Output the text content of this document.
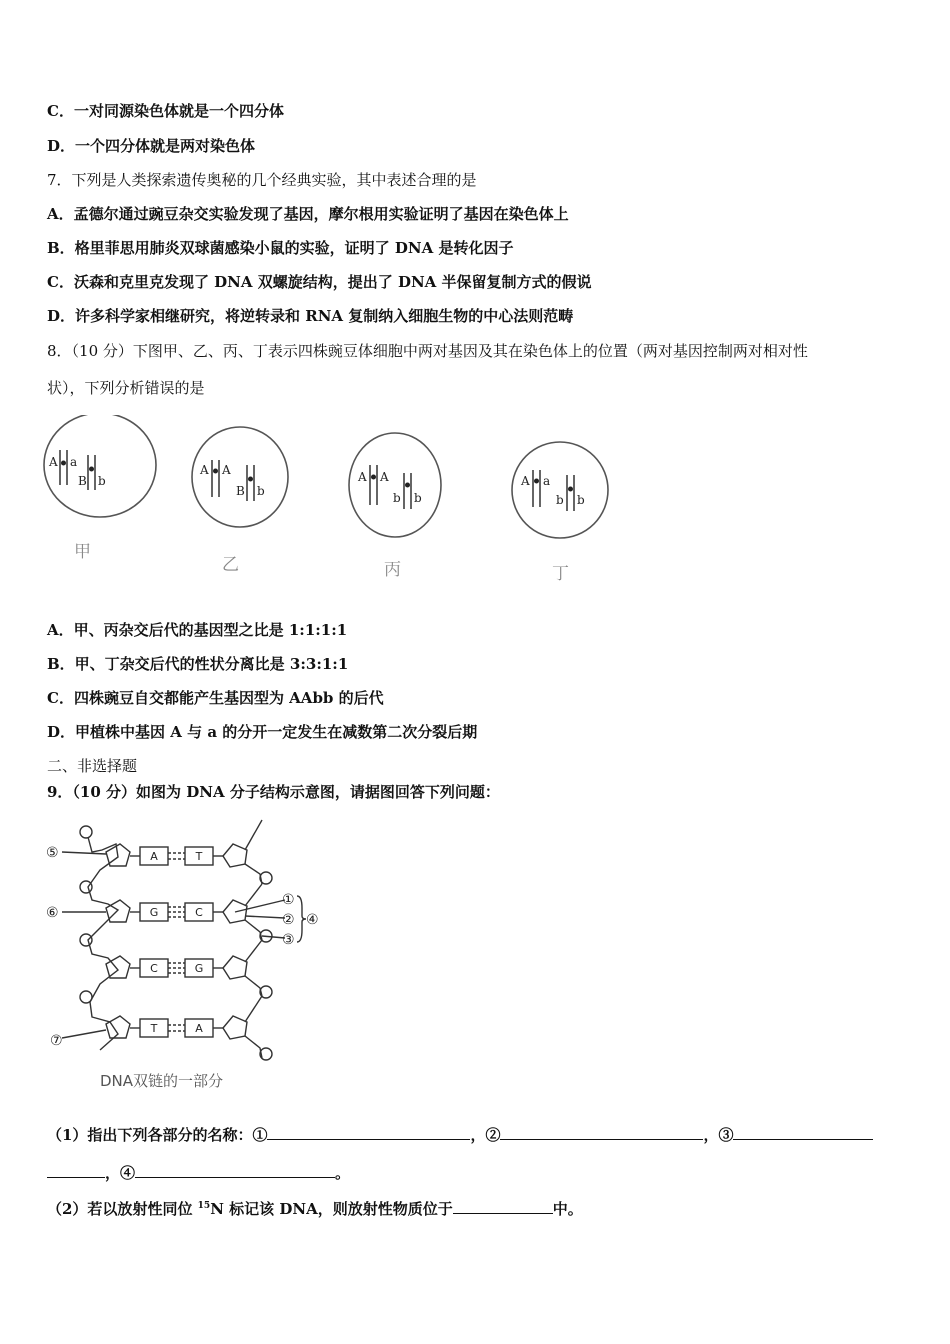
C．一对同源染色体就是一个四分体
D．一个四分体就是两对染色体
7．下列是人类探索遗传奥秘的几个经典实验，其中表述合理的是
A．孟德尔通过豌豆杂交实验发现了基因，摩尔根用实验证明了基因在染色体上
B．格里菲思用肺炎双球菌感染小鼠的实验，证明了 DNA 是转化因子
C．沃森和克里克发现了 DNA 双螺旋结构，提出了 DNA 半保留复制方式的假说
D．许多科学家相继研究，将逆转录和 RNA 复制纳入细胞生物的中心法则范畴
8．（10 分）下图甲、乙、丙、丁表示四株豌豆体细胞中两对基因及其在染色体上的位置（两对基因控制两对相对性
状），下列分析错误的是
A a
B b
A A
B b
A A
b b
A a
b b
甲
乙	丙	丁
A．甲、丙杂交后代的基因型之比是 1:1:1:1
B．甲、丁杂交后代的性状分离比是 3:3:1:1
C．四株豌豆自交都能产生基因型为 AAbb 的后代
D．甲植株中基因 A 与 a 的分开一定发生在减数第二次分裂后期
二、非选择题
9．（10 分）如图为 DNA 分子结构示意图，请据图回答下列问题：
A	T
G	C
C	G
T	A
⑤
⑥
⑦
①
②
③
④
DNA双链的一部分
（1）指出下列各部分的名称：①	，②	，③
，④	。
（2）若以放射性同位 $^{15}$N 标记该 DNA，则放射性物质位于	中。
